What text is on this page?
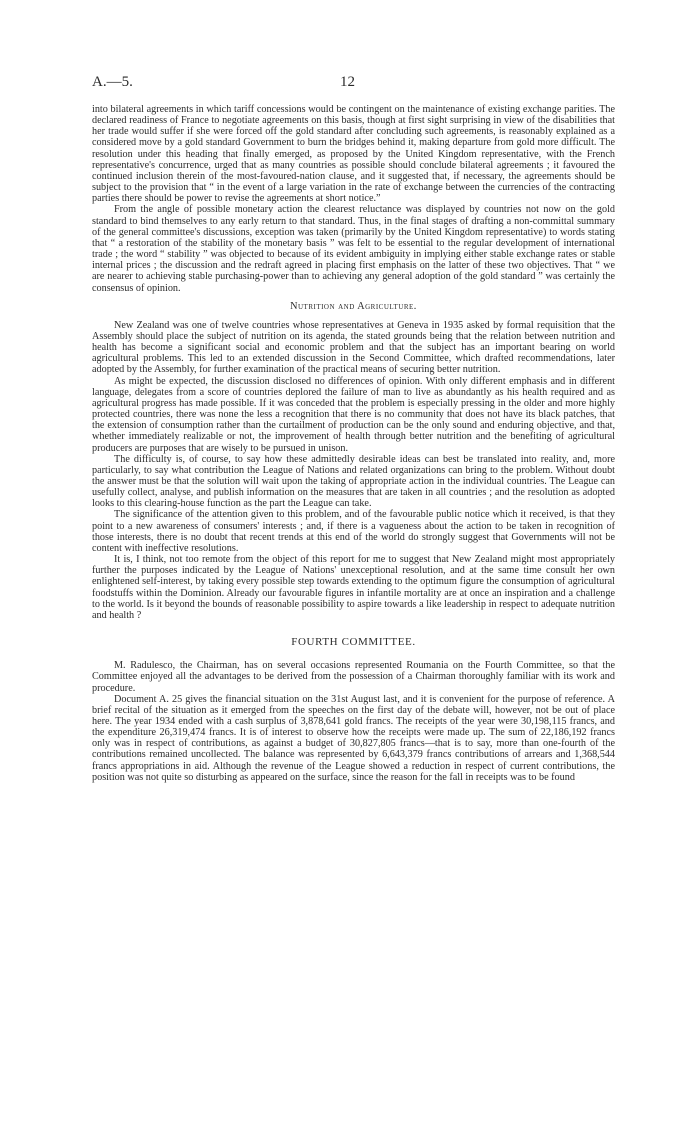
A.—5.	12

into bilateral agreements in which tariff concessions would be contingent on the maintenance of existing exchange parities. The declared readiness of France to negotiate agreements on this basis, though at first sight surprising in view of the disabilities that her trade would suffer if she were forced off the gold standard after concluding such agreements, is reasonably explained as a considered move by a gold standard Government to burn the bridges behind it, making departure from gold more difficult. The resolution under this heading that finally emerged, as proposed by the United Kingdom representative, with the French representative's concurrence, urged that as many countries as possible should conclude bilateral agreements ; it favoured the continued inclusion therein of the most-favoured-nation clause, and it suggested that, if necessary, the agreements should be subject to the provision that “ in the event of a large variation in the rate of exchange between the currencies of the contracting parties there should be power to revise the agreements at short notice.”

From the angle of possible monetary action the clearest reluctance was displayed by countries not now on the gold standard to bind themselves to any early return to that standard. Thus, in the final stages of drafting a non-committal summary of the general committee's discussions, exception was taken (primarily by the United Kingdom representative) to words stating that “ a restoration of the stability of the monetary basis ” was felt to be essential to the regular development of international trade ; the word “ stability ” was objected to because of its evident ambiguity in implying either stable exchange rates or stable internal prices ; the discussion and the redraft agreed in placing first emphasis on the latter of these two objectives. That “ we are nearer to achieving stable purchasing-power than to achieving any general adoption of the gold standard ” was certainly the consensus of opinion.

Nutrition and Agriculture.

New Zealand was one of twelve countries whose representatives at Geneva in 1935 asked by formal requisition that the Assembly should place the subject of nutrition on its agenda, the stated grounds being that the relation between nutrition and health has become a significant social and economic problem and that the subject has an important bearing on world agricultural problems. This led to an extended discussion in the Second Committee, which drafted recommendations, later adopted by the Assembly, for further examination of the practical means of securing better nutrition.

As might be expected, the discussion disclosed no differences of opinion. With only different emphasis and in different language, delegates from a score of countries deplored the failure of man to live as abundantly as his health required and as agricultural progress has made possible. If it was conceded that the problem is especially pressing in the older and more highly protected countries, there was none the less a recognition that there is no community that does not have its black patches, that the extension of consumption rather than the curtailment of production can be the only sound and enduring objective, and that, whether immediately realizable or not, the improvement of health through better nutrition and the benefiting of agricultural producers are purposes that are wisely to be pursued in unison.

The difficulty is, of course, to say how these admittedly desirable ideas can best be translated into reality, and, more particularly, to say what contribution the League of Nations and related organizations can bring to the problem. Without doubt the answer must be that the solution will wait upon the taking of appropriate action in the individual countries. The League can usefully collect, analyse, and publish information on the measures that are taken in all countries ; and the resolution as adopted looks to this clearing-house function as the part the League can take.

The significance of the attention given to this problem, and of the favourable public notice which it received, is that they point to a new awareness of consumers' interests ; and, if there is a vagueness about the action to be taken in recognition of those interests, there is no doubt that recent trends at this end of the world do strongly suggest that Governments will not be content with ineffective resolutions.

It is, I think, not too remote from the object of this report for me to suggest that New Zealand might most appropriately further the purposes indicated by the League of Nations' unexceptional resolution, and at the same time consult her own enlightened self-interest, by taking every possible step towards extending to the optimum figure the consumption of agricultural foodstuffs within the Dominion. Already our favourable figures in infantile mortality are at once an inspiration and a challenge to the world. Is it beyond the bounds of reasonable possibility to aspire towards a like leadership in respect to adequate nutrition and health ?

FOURTH COMMITTEE.

M. Radulesco, the Chairman, has on several occasions represented Roumania on the Fourth Committee, so that the Committee enjoyed all the advantages to be derived from the possession of a Chairman thoroughly familiar with its work and procedure.

Document A. 25 gives the financial situation on the 31st August last, and it is convenient for the purpose of reference. A brief recital of the situation as it emerged from the speeches on the first day of the debate will, however, not be out of place here. The year 1934 ended with a cash surplus of 3,878,641 gold francs. The receipts of the year were 30,198,115 francs, and the expenditure 26,319,474 francs. It is of interest to observe how the receipts were made up. The sum of 22,186,192 francs only was in respect of contributions, as against a budget of 30,827,805 francs—that is to say, more than one-fourth of the contributions remained uncollected. The balance was represented by 6,643,379 francs contributions of arrears and 1,368,544 francs appropriations in aid. Although the revenue of the League showed a reduction in respect of current contributions, the position was not quite so disturbing as appeared on the surface, since the reason for the fall in receipts was to be found
